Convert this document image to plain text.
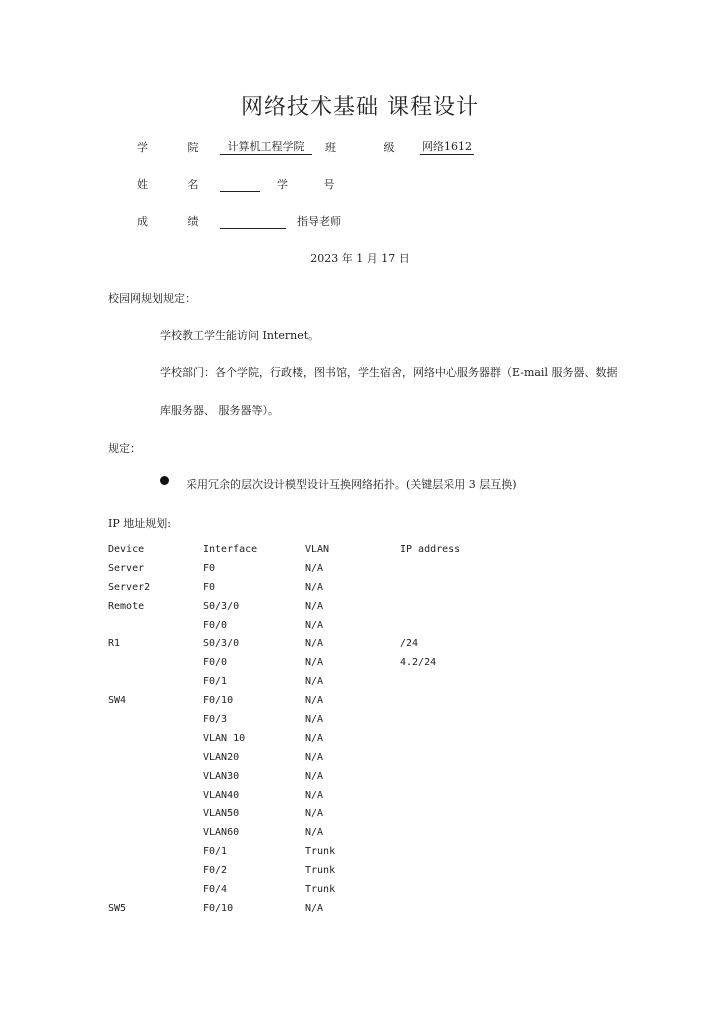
网络技术基础 课程设计
学 院 计算机工程学院 班 级 网络1612
姓 名	学 号
成 绩	指导老师
2023 年 1 月 17 日
校园网规划规定：
学校教工学生能访问 Internet。
学校部门：各个学院，行政楼，图书馆，学生宿舍，网络中心服务器群（E-mail 服务器、数据
库服务器、 服务器等）。
规定：
采用冗余的层次设计模型设计互换网络拓扑。(关键层采用 3 层互换)
IP 地址规划:
Device	Interface	VLAN	IP address
Server	F0	N/A	
Server2	F0	N/A	
Remote	S0/3/0	N/A	
	F0/0	N/A	
R1	S0/3/0	N/A	/24
	F0/0	N/A	4.2/24
	F0/1	N/A	
SW4	F0/10	N/A	
	F0/3	N/A	
	VLAN 10	N/A	
	VLAN20	N/A	
	VLAN30	N/A	
	VLAN40	N/A	
	VLAN50	N/A	
	VLAN60	N/A	
	F0/1	Trunk	
	F0/2	Trunk	
	F0/4	Trunk	
SW5	F0/10	N/A	
